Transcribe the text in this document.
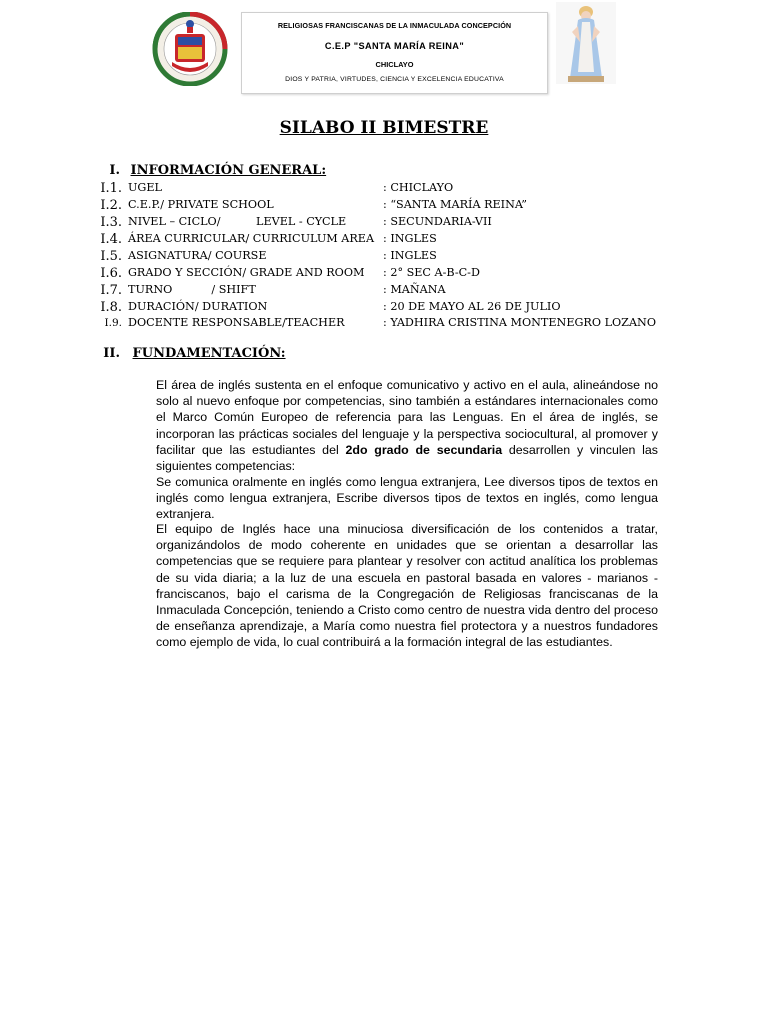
RELIGIOSAS FRANCISCANAS DE LA INMACULADA CONCEPCIÓN
C.E.P "SANTA MARÍA REINA"
CHICLAYO
DIOS Y PATRIA, VIRTUDES, CIENCIA Y EXCELENCIA EDUCATIVA
SILABO II BIMESTRE
I. INFORMACIÓN GENERAL:
I.1. UGEL	: CHICLAYO
I.2. C.E.P./ PRIVATE SCHOOL	: “SANTA MARÍA REINA”
I.3. NIVEL – CICLO/          LEVEL - CYCLE	: SECUNDARIA-VII
I.4. ÁREA CURRICULAR/ CURRICULUM AREA : INGLES
I.5. ASIGNATURA/ COURSE	: INGLES
I.6. GRADO Y SECCIÓN/ GRADE AND ROOM : 2° SEC A-B-C-D
I.7. TURNO           / SHIFT	: MAÑANA
I.8. DURACIÓN/ DURATION	: 20 DE MAYO AL 26 DE JULIO
I.9. DOCENTE RESPONSABLE/TEACHER	: YADHIRA CRISTINA MONTENEGRO LOZANO
II. FUNDAMENTACIÓN:
El área de inglés sustenta en el enfoque comunicativo y activo en el aula, alineándose no solo al nuevo enfoque por competencias, sino también a estándares internacionales como el Marco Común Europeo de referencia para las Lenguas. En el área de inglés, se incorporan las prácticas sociales del lenguaje y la perspectiva sociocultural, al promover y facilitar que las estudiantes del 2do grado de secundaria desarrollen y vinculen las siguientes competencias:
Se comunica oralmente en inglés como lengua extranjera, Lee diversos tipos de textos en inglés como lengua extranjera, Escribe diversos tipos de textos en inglés, como lengua extranjera.
El equipo de Inglés hace una minuciosa diversificación de los contenidos a tratar, organizándolos de modo coherente en unidades que se orientan a desarrollar las competencias que se requiere para plantear y resolver con actitud analítica los problemas de su vida diaria; a la luz de una escuela en pastoral basada en valores - marianos - franciscanos, bajo el carisma de la Congregación de Religiosas franciscanas de la Inmaculada Concepción, teniendo a Cristo como centro de nuestra vida dentro del proceso de enseñanza aprendizaje, a María como nuestra fiel protectora y a nuestros fundadores como ejemplo de vida, lo cual contribuirá a la formación integral de las estudiantes.
